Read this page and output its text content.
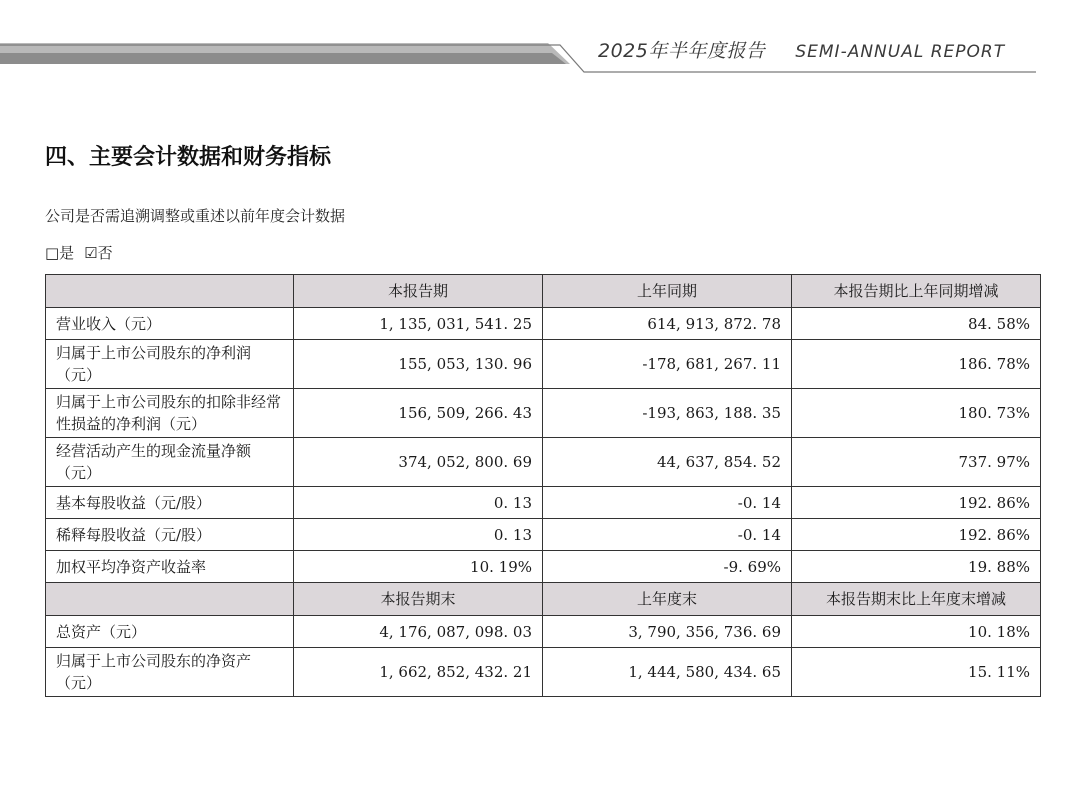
2025年半年度报告 SEMI-ANNUAL REPORT
四、主要会计数据和财务指标
公司是否需追溯调整或重述以前年度会计数据
□是 ☑否
	本报告期	上年同期	本报告期比上年同期增减
营业收入（元）	1, 135, 031, 541. 25	614, 913, 872. 78	84. 58%
归属于上市公司股东的净利润（元）	155, 053, 130. 96	-178, 681, 267. 11	186. 78%
归属于上市公司股东的扣除非经常性损益的净利润（元）	156, 509, 266. 43	-193, 863, 188. 35	180. 73%
经营活动产生的现金流量净额（元）	374, 052, 800. 69	44, 637, 854. 52	737. 97%
基本每股收益（元/股）	0. 13	-0. 14	192. 86%
稀释每股收益（元/股）	0. 13	-0. 14	192. 86%
加权平均净资产收益率	10. 19%	-9. 69%	19. 88%
	本报告期末	上年度末	本报告期末比上年度末增减
总资产（元）	4, 176, 087, 098. 03	3, 790, 356, 736. 69	10. 18%
归属于上市公司股东的净资产（元）	1, 662, 852, 432. 21	1, 444, 580, 434. 65	15. 11%
